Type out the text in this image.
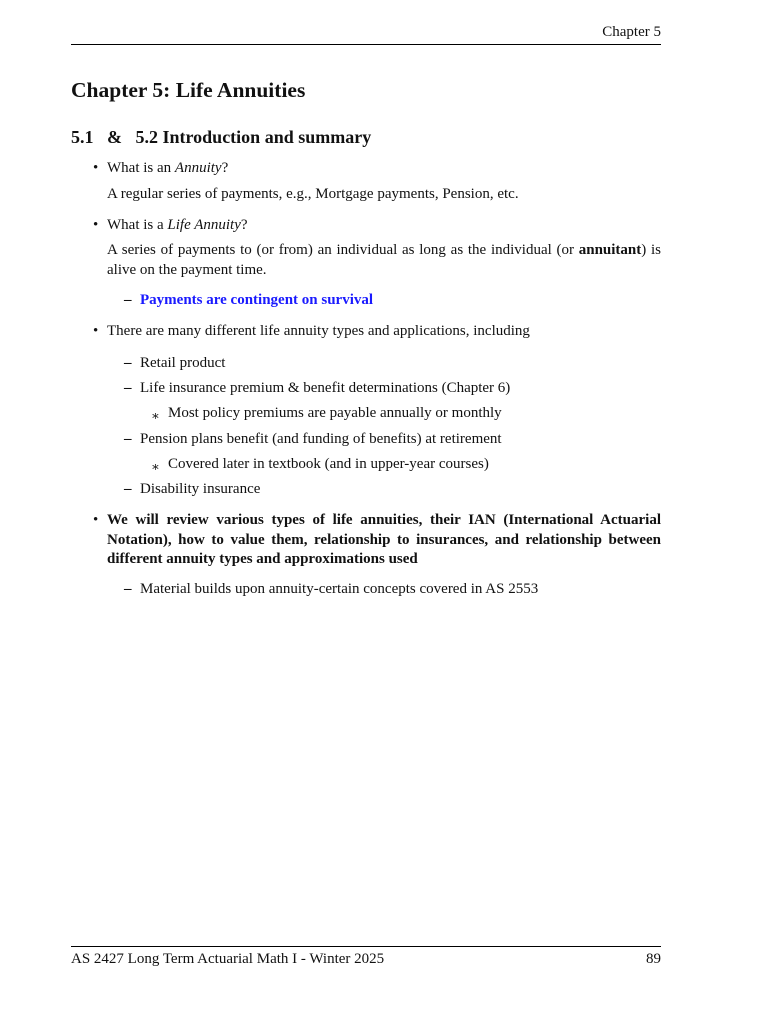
Chapter 5
Chapter 5: Life Annuities
5.1   &   5.2 Introduction and summary
• What is an Annuity?
A regular series of payments, e.g., Mortgage payments, Pension, etc.
• What is a Life Annuity?
A series of payments to (or from) an individual as long as the individual (or annuitant) is alive on the payment time.
– Payments are contingent on survival
• There are many different life annuity types and applications, including
– Retail product
– Life insurance premium & benefit determinations (Chapter 6)
∗ Most policy premiums are payable annually or monthly
– Pension plans benefit (and funding of benefits) at retirement
∗ Covered later in textbook (and in upper-year courses)
– Disability insurance
• We will review various types of life annuities, their IAN (International Actuarial Notation), how to value them, relationship to insurances, and relationship between different annuity types and approximations used
– Material builds upon annuity-certain concepts covered in AS 2553
AS 2427 Long Term Actuarial Math I - Winter 2025	89
